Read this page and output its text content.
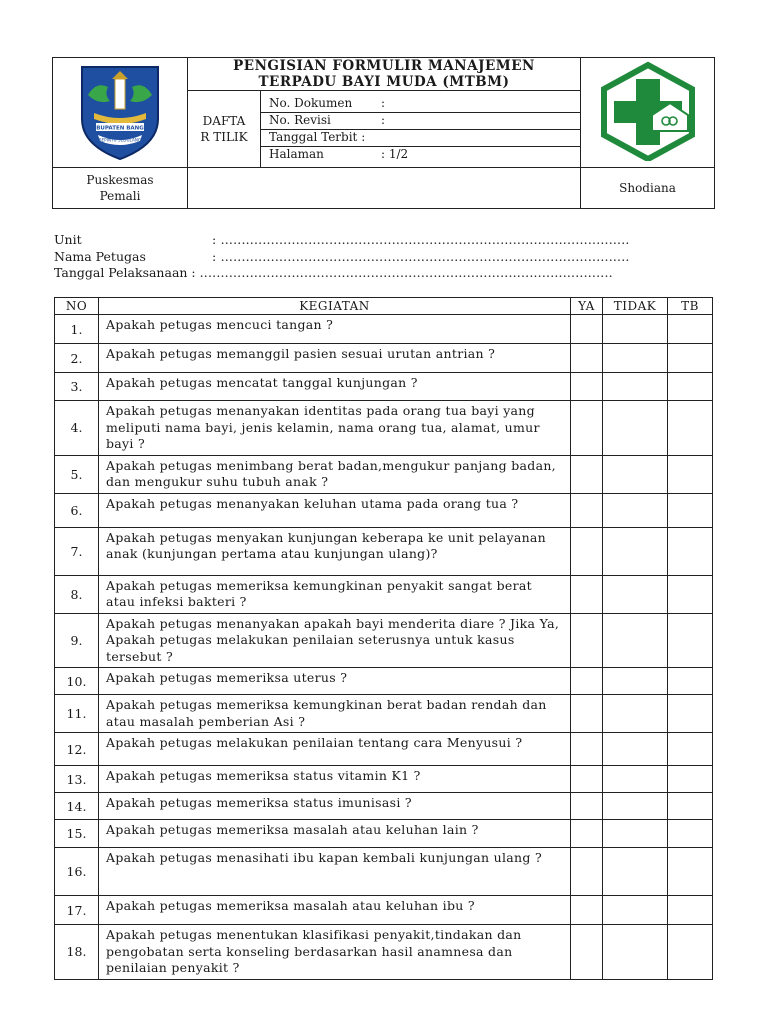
KABUPATEN BANGKA
SEPINTU SEDULANG

PENGISIAN FORMULIR MANAJEMEN
TERPADU BAYI MUDA (MTBM)

DAFTA
R TILIK

No. Dokumen :
No. Revisi	:
Tanggal Terbit :
Halaman	: 1/2

Puskesmas
Pemali
		Shodiana
Unit	: ..................................................................................................
Nama Petugas	: ..................................................................................................
Tanggal Pelaksanaan : ...................................................................................................
NO	KEGIATAN	YA	TIDAK	TB
1.	Apakah petugas mencuci tangan ?			
2.	Apakah petugas memanggil pasien sesuai urutan antrian ?			
3.	Apakah petugas mencatat tanggal kunjungan ?			
4.	Apakah petugas menanyakan identitas pada orang tua bayi yang meliputi nama bayi, jenis kelamin, nama orang tua, alamat, umur bayi ?			
5.	Apakah petugas menimbang berat badan,mengukur panjang badan, dan mengukur suhu tubuh anak ?			
6.	Apakah petugas menanyakan keluhan utama pada orang tua ?			
7.	Apakah petugas menyakan kunjungan keberapa ke unit pelayanan anak (kunjungan pertama atau kunjungan ulang)?			
8.	Apakah petugas memeriksa kemungkinan penyakit sangat berat atau infeksi bakteri ?			
9.	Apakah petugas menanyakan apakah bayi menderita diare ? Jika Ya, Apakah petugas melakukan penilaian seterusnya untuk kasus tersebut ?			
10.	Apakah petugas memeriksa uterus ?			
11.	Apakah petugas memeriksa kemungkinan berat badan rendah dan atau masalah pemberian Asi ?			
12.	Apakah petugas melakukan penilaian tentang cara Menyusui ?			
13.	Apakah petugas memeriksa status vitamin K1 ?			
14.	Apakah petugas memeriksa status imunisasi ?			
15.	Apakah petugas memeriksa masalah atau keluhan lain ?			
16.	Apakah petugas menasihati ibu kapan kembali kunjungan ulang ?			
17.	Apakah petugas memeriksa masalah atau keluhan ibu ?			
18.	Apakah petugas menentukan klasifikasi penyakit,tindakan dan pengobatan serta konseling berdasarkan hasil anamnesa dan penilaian penyakit ?			
